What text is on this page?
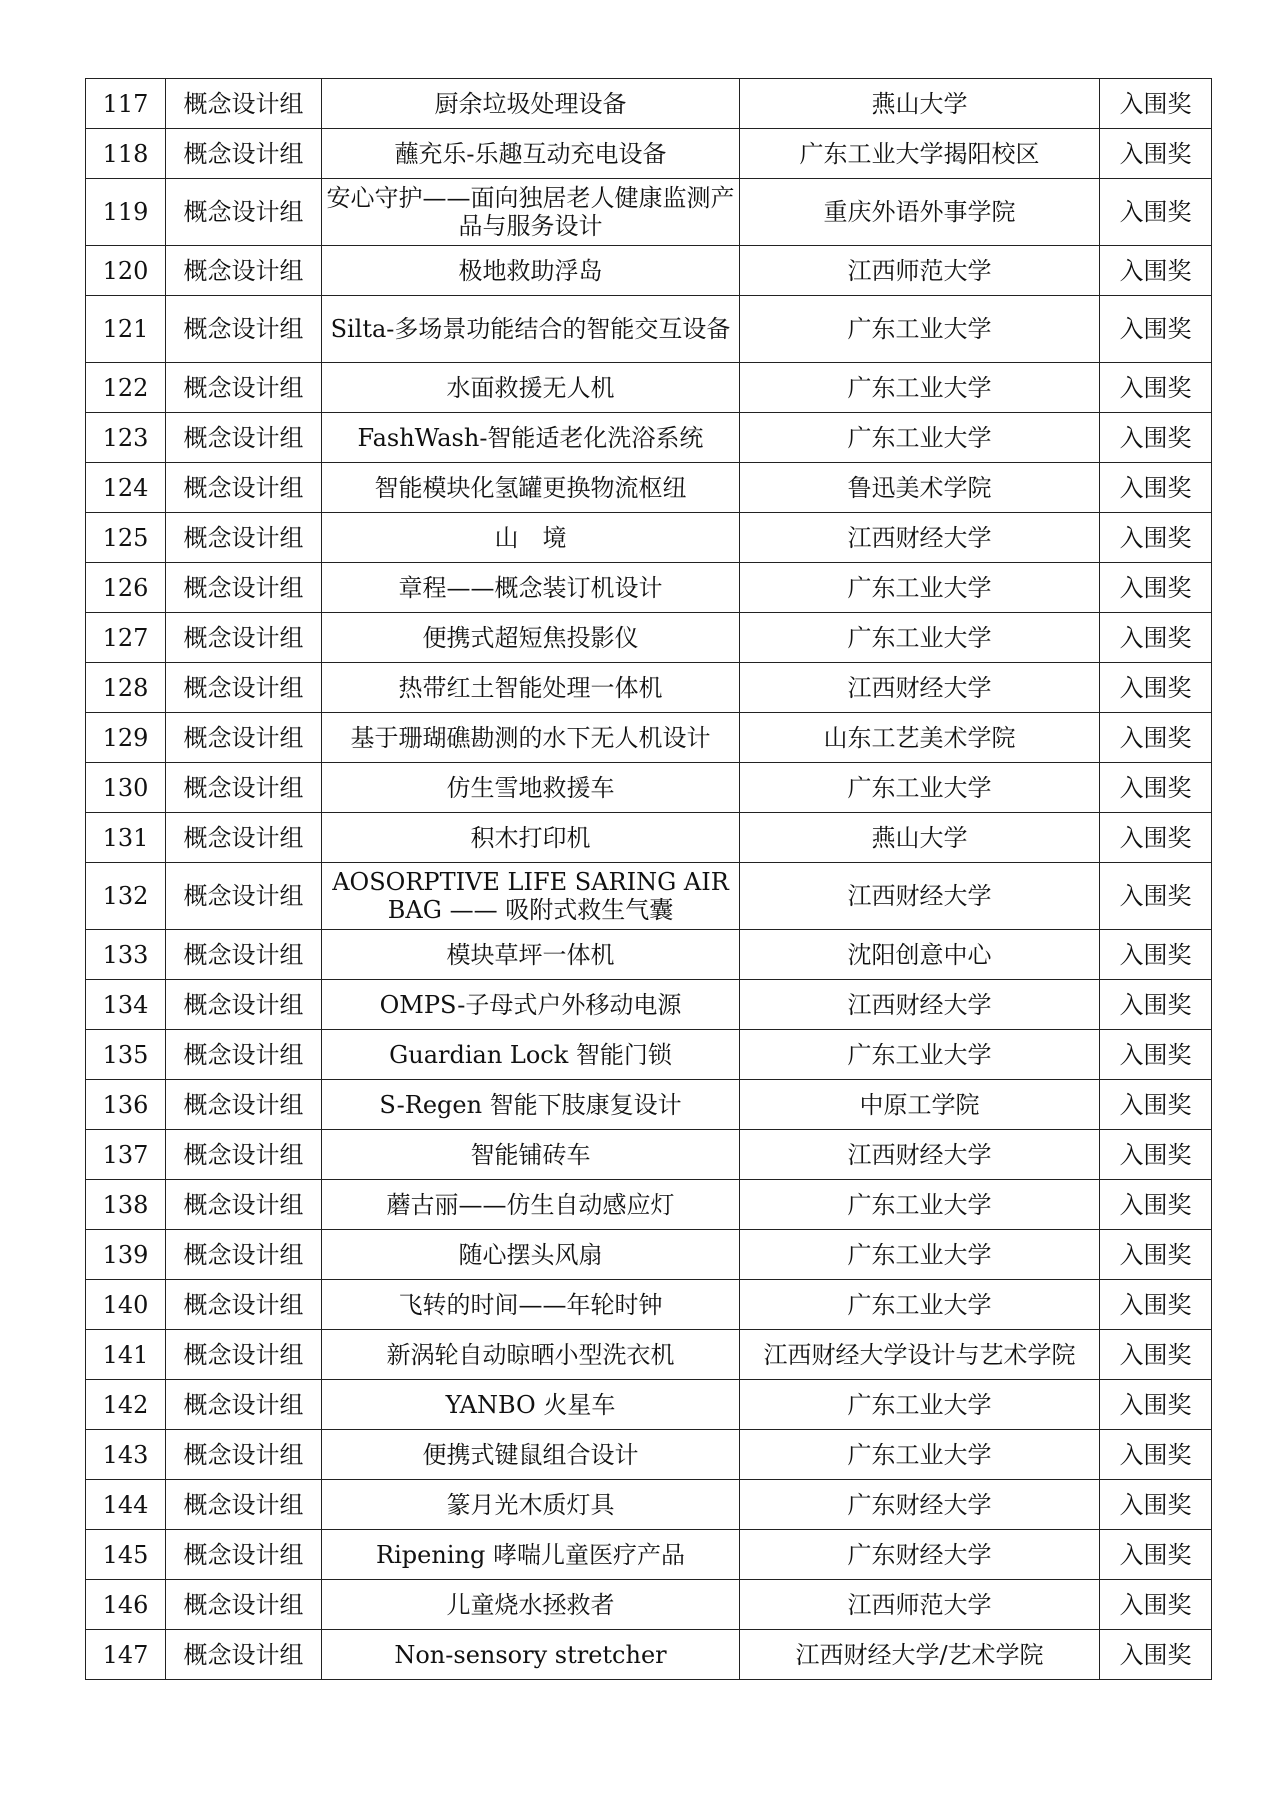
117	概念设计组	厨余垃圾处理设备	燕山大学	入围奖
118	概念设计组	蘸充乐-乐趣互动充电设备	广东工业大学揭阳校区	入围奖
119	概念设计组	安心守护——面向独居老人健康监测产品与服务设计	重庆外语外事学院	入围奖
120	概念设计组	极地救助浮岛	江西师范大学	入围奖
121	概念设计组	Silta-多场景功能结合的智能交互设备	广东工业大学	入围奖
122	概念设计组	水面救援无人机	广东工业大学	入围奖
123	概念设计组	FashWash-智能适老化洗浴系统	广东工业大学	入围奖
124	概念设计组	智能模块化氢罐更换物流枢纽	鲁迅美术学院	入围奖
125	概念设计组	山　境	江西财经大学	入围奖
126	概念设计组	章程——概念装订机设计	广东工业大学	入围奖
127	概念设计组	便携式超短焦投影仪	广东工业大学	入围奖
128	概念设计组	热带红土智能处理一体机	江西财经大学	入围奖
129	概念设计组	基于珊瑚礁勘测的水下无人机设计	山东工艺美术学院	入围奖
130	概念设计组	仿生雪地救援车	广东工业大学	入围奖
131	概念设计组	积木打印机	燕山大学	入围奖
132	概念设计组	AOSORPTIVE LIFE SARING AIR BAG —— 吸附式救生气囊	江西财经大学	入围奖
133	概念设计组	模块草坪一体机	沈阳创意中心	入围奖
134	概念设计组	OMPS-子母式户外移动电源	江西财经大学	入围奖
135	概念设计组	Guardian Lock 智能门锁	广东工业大学	入围奖
136	概念设计组	S-Regen 智能下肢康复设计	中原工学院	入围奖
137	概念设计组	智能铺砖车	江西财经大学	入围奖
138	概念设计组	蘑古丽——仿生自动感应灯	广东工业大学	入围奖
139	概念设计组	随心摆头风扇	广东工业大学	入围奖
140	概念设计组	飞转的时间——年轮时钟	广东工业大学	入围奖
141	概念设计组	新涡轮自动晾晒小型洗衣机	江西财经大学设计与艺术学院	入围奖
142	概念设计组	YANBO 火星车	广东工业大学	入围奖
143	概念设计组	便携式键鼠组合设计	广东工业大学	入围奖
144	概念设计组	篆月光木质灯具	广东财经大学	入围奖
145	概念设计组	Ripening 哮喘儿童医疗产品	广东财经大学	入围奖
146	概念设计组	儿童烧水拯救者	江西师范大学	入围奖
147	概念设计组	Non-sensory stretcher	江西财经大学/艺术学院	入围奖
